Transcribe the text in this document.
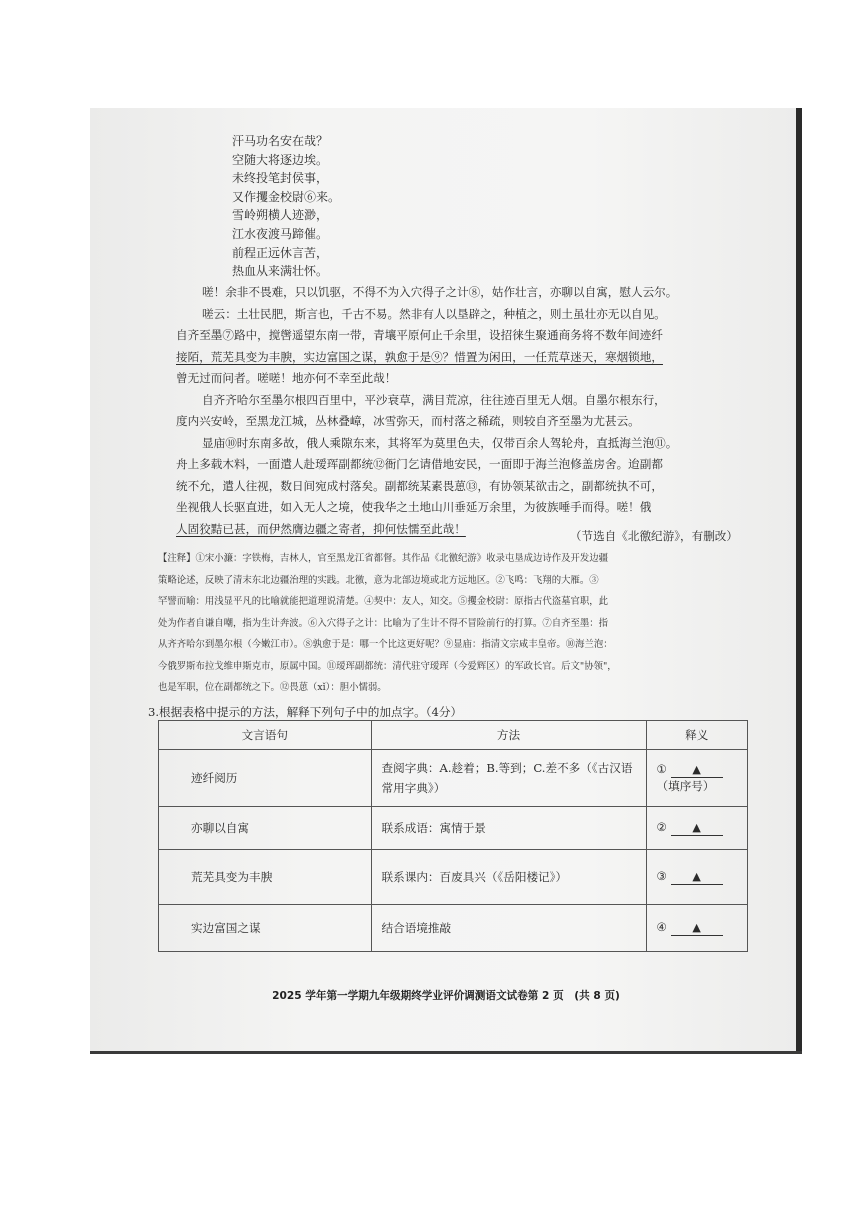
汗马功名安在哉？
空随大将逐边埃。
未终投笔封侯事，
又作攫金校尉⑥来。
雪岭朔横人迹渺，
江水夜渡马蹄催。
前程正远休言苦，
热血从来满壮怀。
嗟！余非不畏难，只以饥驱，不得不为入穴得子之计⑧，姑作壮言，亦聊以自寓，慰人云尔。
嗟云：土壮民肥，斯言也，千古不易。然非有人以垦辟之，种植之，则土虽壮亦无以自见。
自齐至墨⑦路中，搅辔遥望东南一带，青壤平原何止千余里，设招徕生聚通商务将不数年间迹纤
接陌，荒芜具变为丰腴，实边富国之谋，孰愈于是⑨？惜置为闲田，一任荒草迷天，寒烟锁地，
曾无过而问者。嗟嗟！地亦何不幸至此哉！
自齐齐哈尔至墨尔根四百里中，平沙衰草，满目荒凉，往往迹百里无人烟。自墨尔根东行，
度内兴安岭，至黑龙江城，丛林叠嶂，冰雪弥天，而村落之稀疏，则较自齐至墨为尤甚云。
显庙⑩时东南多故，俄人乘隙东来，其将军为莫里色夫，仅带百余人驾轮舟，直抵海兰泡⑪。
舟上多载木料，一面遣人赴瑷珲副都统⑫衙门乞请借地安民，一面即于海兰泡修盖房舍。迨副都
统不允，遣人往视，数日间宛成村落矣。副都统某素畏葸⑬，有协领某欲击之，副都统执不可，
坐视俄人长驱直进，如入无人之境，使我华之土地山川垂延万余里，为彼族唾手而得。嗟！俄
人固狡黠已甚，而伊然膺边疆之寄者，抑何怯懦至此哉！
（节选自《北徼纪游》，有删改）
【注释】①宋小濂：字铁梅，吉林人，官至黑龙江省都督。其作品《北徼纪游》收录屯垦成边诗作及开发边疆
策略论述，反映了清末东北边疆治理的实践。北徼，意为北部边境或北方远地区。②飞鸣：飞翔的大雁。③
罕譬而喻：用浅显平凡的比喻就能把道理说清楚。④契中：友人，知交。⑤攫金校尉：原指古代盗墓官职，此
处为作者自谦自嘲，指为生计奔波。⑥入穴得子之计：比喻为了生计不得不冒险前行的打算。⑦自齐至墨：指
从齐齐哈尔到墨尔根（今嫩江市）。⑧孰愈于是：哪一个比这更好呢？⑨显庙：指清文宗咸丰皇帝。⑩海兰泡：
今俄罗斯布拉戈维申斯克市，原属中国。⑪瑷珲副都统：清代驻守瑷珲（今爱辉区）的军政长官。后文"协领"，
也是军职，位在副都统之下。⑫畏葸（xǐ）：胆小懦弱。
3.根据表格中提示的方法，解释下列句子中的加点字。（4分）
文言语句	方法	释义
迹纤阅历	查阅字典：A.趁着；B.等到；C.差不多（《古汉语常用字典》）	① ▲
（填序号）
亦聊以自寓	联系成语：寓情于景	② ▲
荒芜具变为丰腴	联系课内：百废具兴（《岳阳楼记》）	③ ▲
实边富国之谋	结合语境推敲	④ ▲
2025 学年第一学期九年级期终学业评价调测语文试卷第 2 页　(共 8 页)
